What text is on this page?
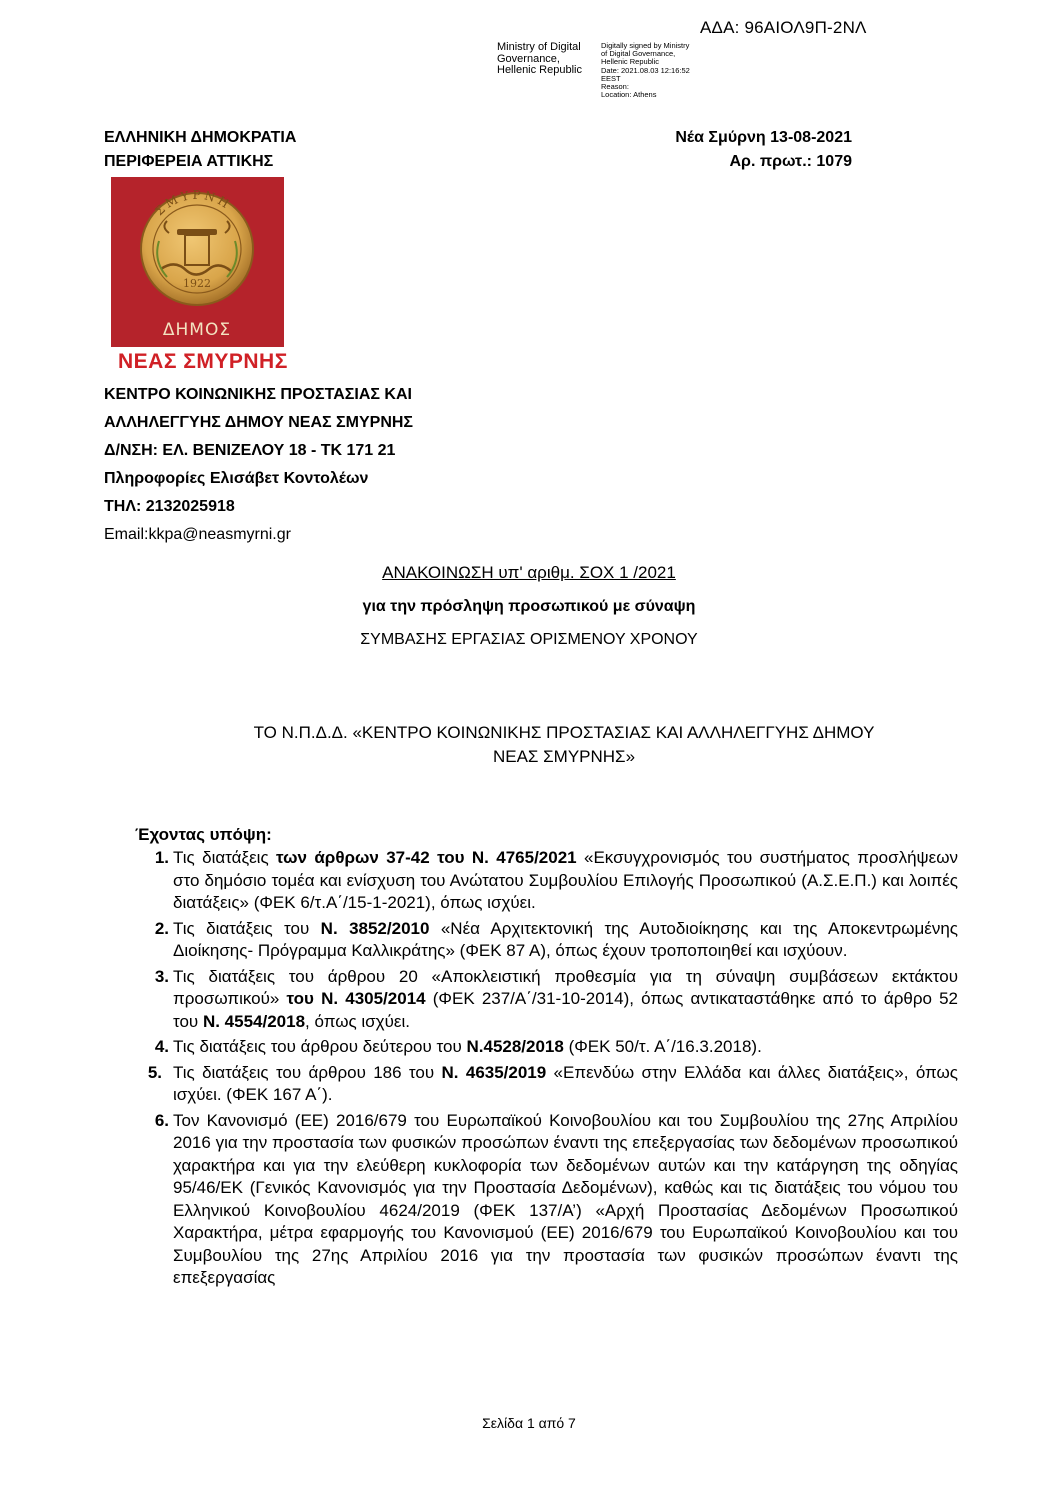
ΑΔΑ: 96ΑΙΟΛ9Π-2ΝΛ
Ministry of Digital
Governance,
Hellenic Republic
Digitally signed by Ministry
of Digital Governance,
Hellenic Republic
Date: 2021.08.03 12:16:52
EEST
Reason:
Location: Athens
ΕΛΛΗΝΙΚΗ ΔΗΜΟΚΡΑΤΙΑ
ΠΕΡΙΦΕΡΕΙΑ ΑΤΤΙΚΗΣ
Νέα Σμύρνη 13-08-2021
Αρ. πρωτ.: 1079
ΣΜΥΡΝΗ
1922
ΔΗΜΟΣ
ΝΕΑΣ ΣΜΥΡΝΗΣ
ΚΕΝΤΡΟ ΚΟΙΝΩΝΙΚΗΣ ΠΡΟΣΤΑΣΙΑΣ ΚΑΙ
ΑΛΛΗΛΕΓΓΥΗΣ ΔΗΜΟΥ ΝΕΑΣ ΣΜΥΡΝΗΣ
Δ/ΝΣΗ: ΕΛ. ΒΕΝΙΖΕΛΟΥ 18 - ΤΚ 171 21
Πληροφορίες Ελισάβετ Κοντολέων
ΤΗΛ: 2132025918
Email:kkpa@neasmyrni.gr
ΑΝΑΚΟΙΝΩΣΗ υπ' αριθμ. ΣΟΧ 1 /2021
για την πρόσληψη προσωπικού με σύναψη
ΣΥΜΒΑΣΗΣ ΕΡΓΑΣΙΑΣ ΟΡΙΣΜΕΝΟΥ ΧΡΟΝΟΥ
ΤΟ Ν.Π.Δ.Δ. «ΚΕΝΤΡΟ ΚΟΙΝΩΝΙΚΗΣ ΠΡΟΣΤΑΣΙΑΣ ΚΑΙ ΑΛΛΗΛΕΓΓΥΗΣ ΔΗΜΟΥ
ΝΕΑΣ ΣΜΥΡΝΗΣ»
Έχοντας υπόψη:
1. Τις διατάξεις των άρθρων 37-42 του Ν. 4765/2021 «Εκσυγχρονισμός του συστήματος προσλήψεων στο δημόσιο τομέα και ενίσχυση του Ανώτατου Συμβουλίου Επιλογής Προσωπικού (Α.Σ.Ε.Π.) και λοιπές διατάξεις» (ΦΕΚ 6/τ.Α΄/15-1-2021), όπως ισχύει.
2. Τις διατάξεις του Ν. 3852/2010 «Νέα Αρχιτεκτονική της Αυτοδιοίκησης και της Αποκεντρωμένης Διοίκησης- Πρόγραμμα Καλλικράτης» (ΦΕΚ 87 Α), όπως έχουν τροποποιηθεί και ισχύουν.
3. Τις διατάξεις του άρθρου 20 «Αποκλειστική προθεσμία για τη σύναψη συμβάσεων εκτάκτου προσωπικού» του Ν. 4305/2014 (ΦΕΚ 237/Α΄/31-10-2014), όπως αντικαταστάθηκε από το άρθρο 52 του Ν. 4554/2018, όπως ισχύει.
4. Τις διατάξεις του άρθρου δεύτερου του Ν.4528/2018 (ΦΕΚ 50/τ. Α΄/16.3.2018).
5. Τις διατάξεις του άρθρου 186 του Ν. 4635/2019 «Επενδύω στην Ελλάδα και άλλες διατάξεις», όπως ισχύει. (ΦΕΚ 167 Α΄).
6. Τον Κανονισμό (ΕΕ) 2016/679 του Ευρωπαϊκού Κοινοβουλίου και του Συμβουλίου της 27ης Απριλίου 2016 για την προστασία των φυσικών προσώπων έναντι της επεξεργασίας των δεδομένων προσωπικού χαρακτήρα και για την ελεύθερη κυκλοφορία των δεδομένων αυτών και την κατάργηση της οδηγίας 95/46/ΕΚ (Γενικός Κανονισμός για την Προστασία Δεδομένων), καθώς και τις διατάξεις του νόμου του Ελληνικού Κοινοβουλίου 4624/2019 (ΦΕΚ 137/Α’) «Αρχή Προστασίας Δεδομένων Προσωπικού Χαρακτήρα, μέτρα εφαρμογής του Κανονισμού (ΕΕ) 2016/679 του Ευρωπαϊκού Κοινοβουλίου και του Συμβουλίου της 27ης Απριλίου 2016 για την προστασία των φυσικών προσώπων έναντι της επεξεργασίας
Σελίδα 1 από 7
